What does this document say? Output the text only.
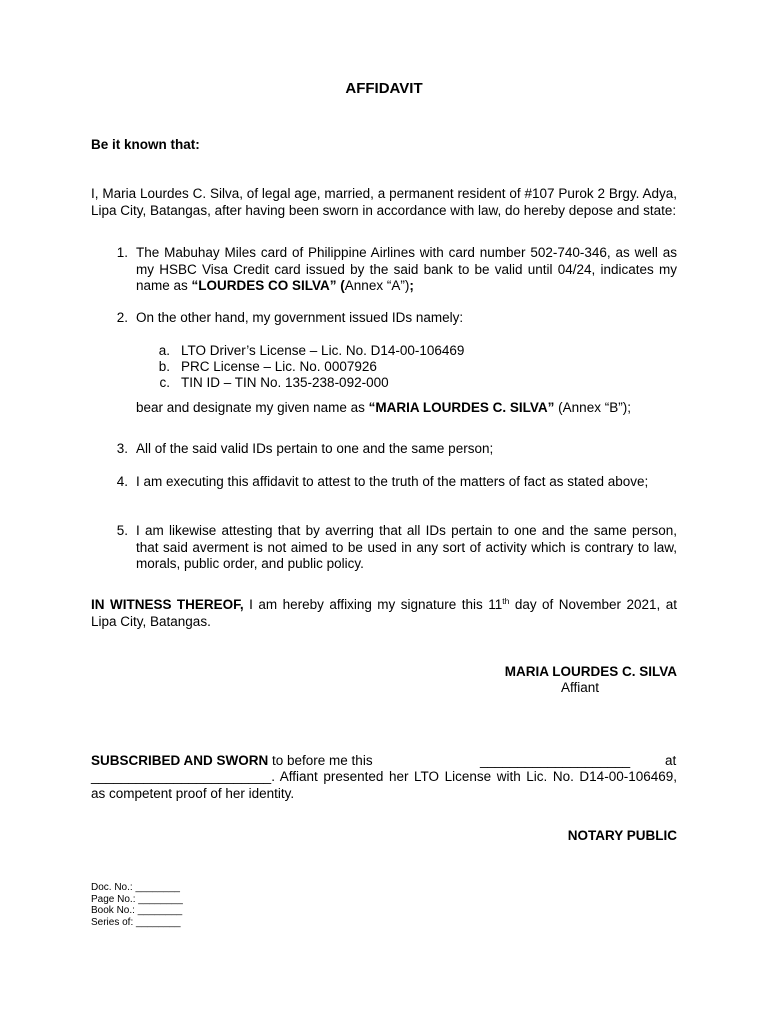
AFFIDAVIT
Be it known that:
I, Maria Lourdes C. Silva, of legal age, married, a permanent resident of #107 Purok 2 Brgy. Adya, Lipa City, Batangas, after having been sworn in accordance with law, do hereby depose and state:
1. The Mabuhay Miles card of Philippine Airlines with card number 502-740-346, as well as my HSBC Visa Credit card issued by the said bank to be valid until 04/24, indicates my name as “LOURDES CO SILVA” (Annex “A”);
2. On the other hand, my government issued IDs namely:
a. LTO Driver’s License – Lic. No. D14-00-106469
b. PRC License – Lic. No. 0007926
c. TIN ID – TIN No. 135-238-092-000
bear and designate my given name as “MARIA LOURDES C. SILVA” (Annex “B”);
3. All of the said valid IDs pertain to one and the same person;
4. I am executing this affidavit to attest to the truth of the matters of fact as stated above;
5. I am likewise attesting that by averring that all IDs pertain to one and the same person, that said averment is not aimed to be used in any sort of activity which is contrary to law, morals, public order, and public policy.
IN WITNESS THEREOF, I am hereby affixing my signature this 11th day of November 2021, at Lipa City, Batangas.
MARIA LOURDES C. SILVA
Affiant
SUBSCRIBED AND SWORN to before me this	____________________	at
________________________. Affiant presented her LTO License with Lic. No. D14-00-106469, as competent proof of her identity.
NOTARY PUBLIC
Doc. No.: ________
Page No.: ________
Book No.: ________
Series of: ________
